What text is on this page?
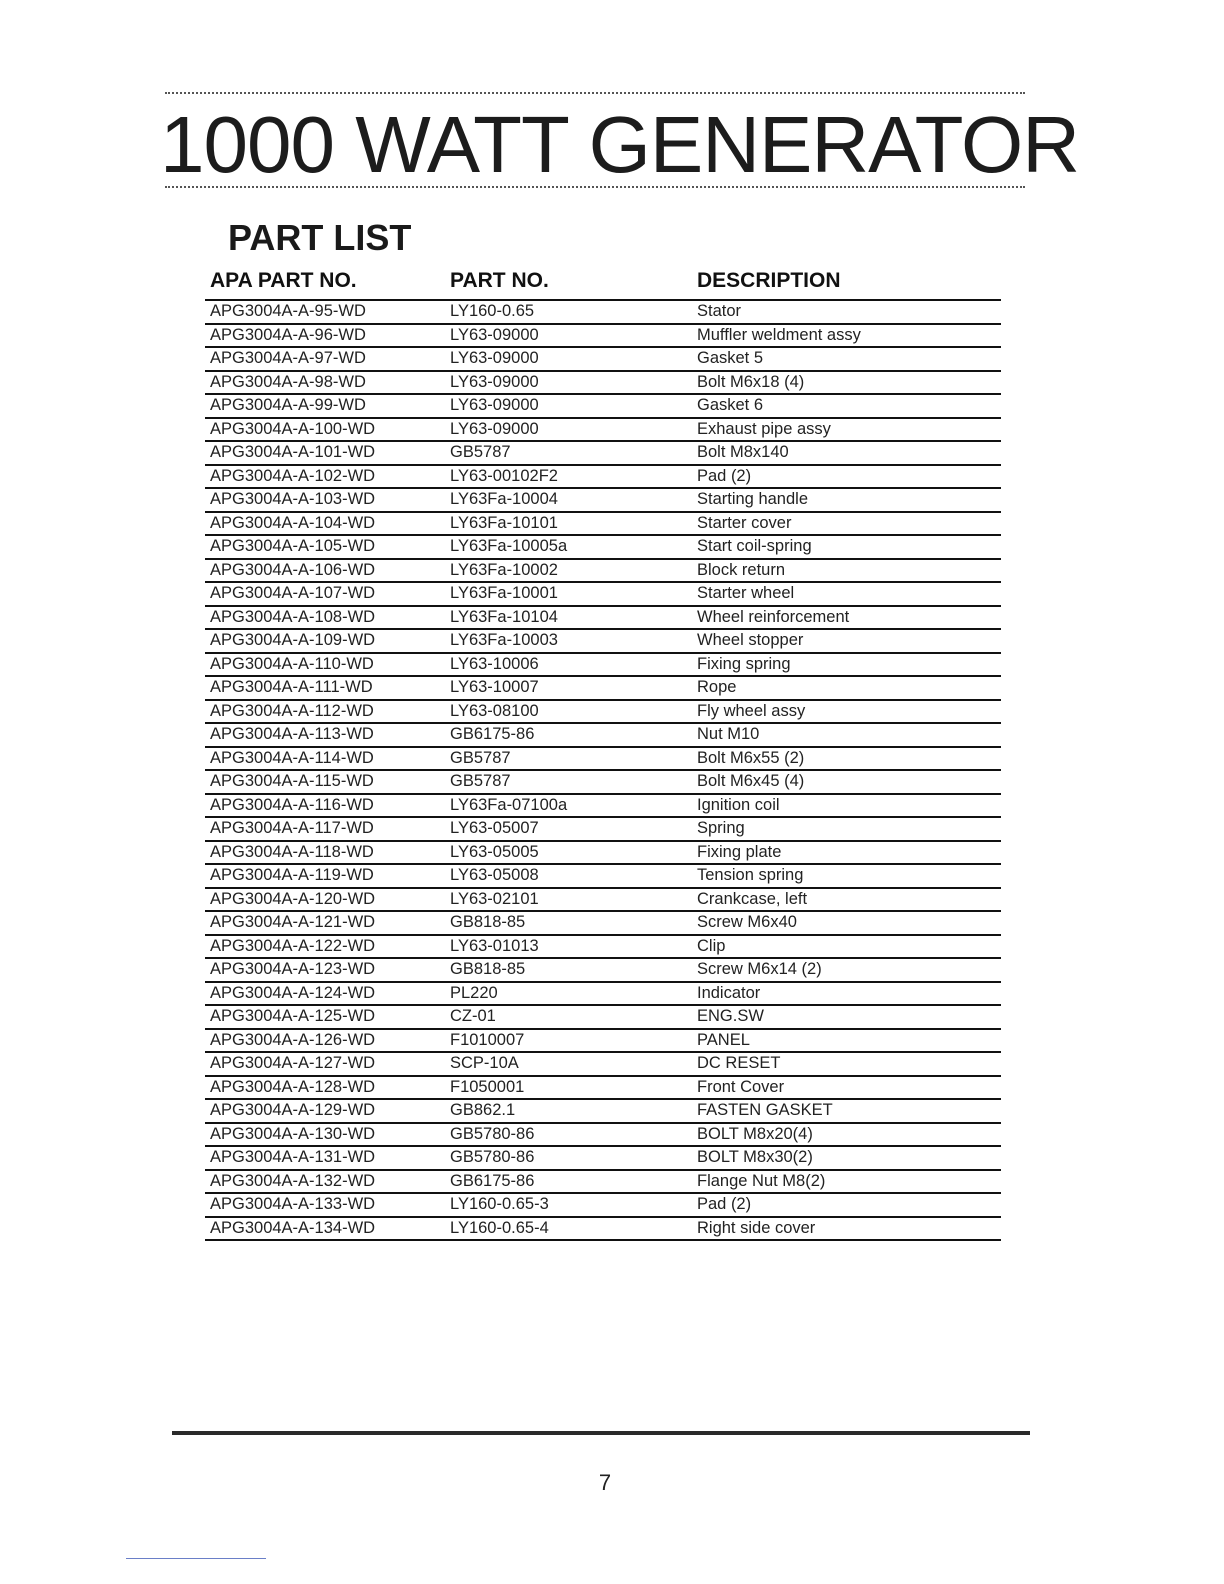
1000 WATT GENERATOR
PART LIST
APA PART NO.	PART NO.	DESCRIPTION
APG3004A-A-95-WD	LY160-0.65	Stator
APG3004A-A-96-WD	LY63-09000	Muffler weldment assy
APG3004A-A-97-WD	LY63-09000	Gasket 5
APG3004A-A-98-WD	LY63-09000	Bolt M6x18 (4)
APG3004A-A-99-WD	LY63-09000	Gasket 6
APG3004A-A-100-WD	LY63-09000	Exhaust pipe assy
APG3004A-A-101-WD	GB5787	Bolt M8x140
APG3004A-A-102-WD	LY63-00102F2	Pad (2)
APG3004A-A-103-WD	LY63Fa-10004	Starting handle
APG3004A-A-104-WD	LY63Fa-10101	Starter cover
APG3004A-A-105-WD	LY63Fa-10005a	Start coil-spring
APG3004A-A-106-WD	LY63Fa-10002	Block return
APG3004A-A-107-WD	LY63Fa-10001	Starter wheel
APG3004A-A-108-WD	LY63Fa-10104	Wheel reinforcement
APG3004A-A-109-WD	LY63Fa-10003	Wheel stopper
APG3004A-A-110-WD	LY63-10006	Fixing spring
APG3004A-A-111-WD	LY63-10007	Rope
APG3004A-A-112-WD	LY63-08100	Fly wheel assy
APG3004A-A-113-WD	GB6175-86	Nut M10
APG3004A-A-114-WD	GB5787	Bolt M6x55 (2)
APG3004A-A-115-WD	GB5787	Bolt M6x45 (4)
APG3004A-A-116-WD	LY63Fa-07100a	Ignition coil
APG3004A-A-117-WD	LY63-05007	Spring
APG3004A-A-118-WD	LY63-05005	Fixing plate
APG3004A-A-119-WD	LY63-05008	Tension spring
APG3004A-A-120-WD	LY63-02101	Crankcase, left
APG3004A-A-121-WD	GB818-85	Screw M6x40
APG3004A-A-122-WD	LY63-01013	Clip
APG3004A-A-123-WD	GB818-85	Screw M6x14 (2)
APG3004A-A-124-WD	PL220	Indicator
APG3004A-A-125-WD	CZ-01	ENG.SW
APG3004A-A-126-WD	F1010007	PANEL
APG3004A-A-127-WD	SCP-10A	DC RESET
APG3004A-A-128-WD	F1050001	Front Cover
APG3004A-A-129-WD	GB862.1	FASTEN GASKET
APG3004A-A-130-WD	GB5780-86	BOLT M8x20(4)
APG3004A-A-131-WD	GB5780-86	BOLT M8x30(2)
APG3004A-A-132-WD	GB6175-86	Flange Nut M8(2)
APG3004A-A-133-WD	LY160-0.65-3	Pad (2)
APG3004A-A-134-WD	LY160-0.65-4	Right side cover
7
